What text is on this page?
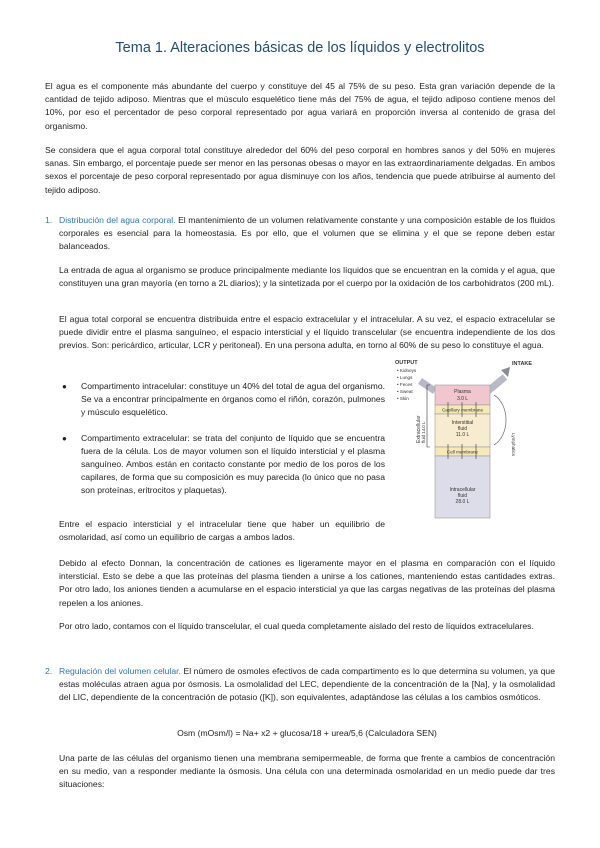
Tema 1. Alteraciones básicas de los líquidos y electrolitos

El agua es el componente más abundante del cuerpo y constituye del 45 al 75% de su peso. Esta gran variación depende de la cantidad de tejido adiposo. Mientras que el músculo esquelético tiene más del 75% de agua, el tejido adiposo contiene menos del 10%, por eso el percentador de peso corporal representado por agua variará en proporción inversa al contenido de grasa del organismo.

Se considera que el agua corporal total constituye alrededor del 60% del peso corporal en hombres sanos y del 50% en mujeres sanas. Sin embargo, el porcentaje puede ser menor en las personas obesas o mayor en las extraordinariamente delgadas. En ambos sexos el porcentaje de peso corporal representado por agua disminuye con los años, tendencia que puede atribuirse al aumento del tejido adiposo.

1. Distribución del agua corporal. El mantenimiento de un volumen relativamente constante y una composición estable de los fluidos corporales es esencial para la homeostasia. Es por ello, que el volumen que se elimina y el que se repone deben estar balanceados.

La entrada de agua al organismo se produce principalmente mediante los líquidos que se encuentran en la comida y el agua, que constituyen una gran mayoría (en torno a 2L diarios); y la sintetizada por el cuerpo por la oxidación de los carbohidratos (200 mL).

El agua total corporal se encuentra distribuida entre el espacio extracelular y el intracelular. A su vez, el espacio extracelular se puede dividir entre el plasma sanguíneo, el espacio intersticial y el líquido transcelular (se encuentra independiente de los dos previos. Son: pericárdico, articular, LCR y peritoneal). En una persona adulta, en torno al 60% de su peso lo constituye el agua.

● Compartimento intracelular: constituye un 40% del total de agua del organismo. Se va a encontrar principalmente en órganos como el riñón, corazón, pulmones y músculo esquelético.
● Compartimento extracelular: se trata del conjunto de líquido que se encuentra fuera de la célula. Los de mayor volumen son el líquido intersticial y el plasma sanguíneo. Ambos están en contacto constante por medio de los poros de los capilares, de forma que su composición es muy parecida (lo único que no pasa son proteínas, eritrocitos y plaquetas).

Entre el espacio intersticial y el intracelular tiene que haber un equilibrio de osmolaridad, así como un equilibrio de cargas a ambos lados.

Debido al efecto Donnan, la concentración de cationes es ligeramente mayor en el plasma en comparación con el líquido intersticial. Esto se debe a que las proteínas del plasma tienden a unirse a los cationes, manteniendo estas cantidades extras. Por otro lado, los aniones tienden a acumularse en el espacio intersticial ya que las cargas negativas de las proteínas del plasma repelen a los aniones.

Por otro lado, contamos con el líquido transcelular, el cual queda completamente aislado del resto de líquidos extracelulares.

OUTPUT
• Kidneys
• Lungs
• Feces
• Sweat
• Skin
INTAKE
Plasma
3.0 L
Capillary membrane
Interstitial
fluid
11.0 L
Cell membrane
Intracellular
fluid
28.0 L
Extracellular fluid 14.0 L
Lymphatics

2. Regulación del volumen celular. El número de osmoles efectivos de cada compartimento es lo que determina su volumen, ya que estas moléculas atraen agua por ósmosis. La osmolalidad del LEC, dependiente de la concentración de la [Na], y la osmolalidad del LIC, dependiente de la concentración de potasio ([K]), son equivalentes, adaptándose las células a los cambios osmóticos.

Osm (mOsm/l) = Na+ x2 + glucosa/18 + urea/5,6 (Calculadora SEN)

Una parte de las células del organismo tienen una membrana semipermeable, de forma que frente a cambios de concentración en su medio, van a responder mediante la ósmosis. Una célula con una determinada osmolaridad en un medio puede dar tres situaciones:
